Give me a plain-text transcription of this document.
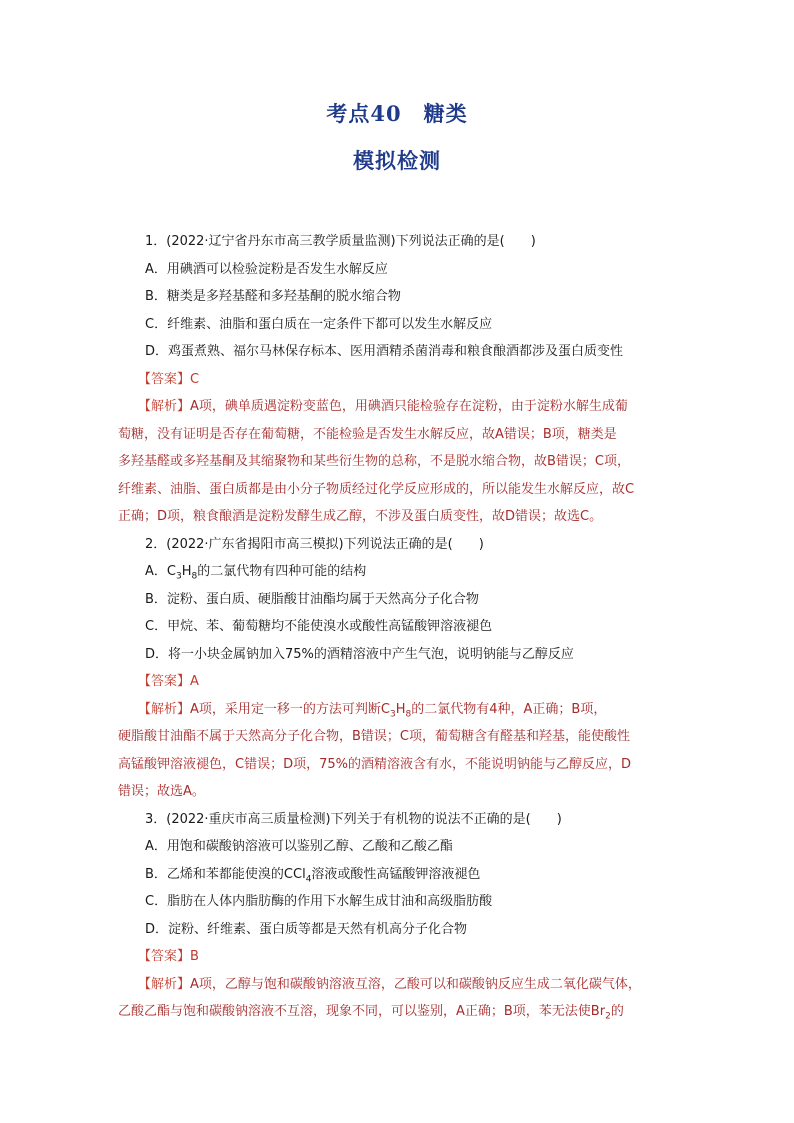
考点40 糖类
模拟检测
1．(2022·辽宁省丹东市高三教学质量监测)下列说法正确的是(　　)
A．用碘酒可以检验淀粉是否发生水解反应
B．糖类是多羟基醛和多羟基酮的脱水缩合物
C．纤维素、油脂和蛋白质在一定条件下都可以发生水解反应
D．鸡蛋煮熟、福尔马林保存标本、医用酒精杀菌消毒和粮食酿酒都涉及蛋白质变性
【答案】C
【解析】A项，碘单质遇淀粉变蓝色，用碘酒只能检验存在淀粉，由于淀粉水解生成葡
萄糖，没有证明是否存在葡萄糖，不能检验是否发生水解反应，故A错误；B项，糖类是
多羟基醛或多羟基酮及其缩聚物和某些衍生物的总称，不是脱水缩合物，故B错误；C项，
纤维素、油脂、蛋白质都是由小分子物质经过化学反应形成的，所以能发生水解反应，故C
正确；D项，粮食酿酒是淀粉发酵生成乙醇，不涉及蛋白质变性，故D错误；故选C。
2．(2022·广东省揭阳市高三模拟)下列说法正确的是(　　)
A．$C_3H_8$的二氯代物有四种可能的结构
B．淀粉、蛋白质、硬脂酸甘油酯均属于天然高分子化合物
C．甲烷、苯、葡萄糖均不能使溴水或酸性高锰酸钾溶液褪色
D．将一小块金属钠加入75%的酒精溶液中产生气泡，说明钠能与乙醇反应
【答案】A
【解析】A项，采用定一移一的方法可判断$C_3H_8$的二氯代物有4种，A正确；B项，
硬脂酸甘油酯不属于天然高分子化合物，B错误；C项，葡萄糖含有醛基和羟基，能使酸性
高锰酸钾溶液褪色，C错误；D项，75%的酒精溶液含有水，不能说明钠能与乙醇反应，D
错误；故选A。
3．(2022·重庆市高三质量检测)下列关于有机物的说法不正确的是(　　)
A．用饱和碳酸钠溶液可以鉴别乙醇、乙酸和乙酸乙酯
B．乙烯和苯都能使溴的CCl$_4$溶液或酸性高锰酸钾溶液褪色
C．脂肪在人体内脂肪酶的作用下水解生成甘油和高级脂肪酸
D．淀粉、纤维素、蛋白质等都是天然有机高分子化合物
【答案】B
【解析】A项，乙醇与饱和碳酸钠溶液互溶，乙酸可以和碳酸钠反应生成二氧化碳气体，
乙酸乙酯与饱和碳酸钠溶液不互溶，现象不同，可以鉴别，A正确；B项，苯无法使$Br_2$的
